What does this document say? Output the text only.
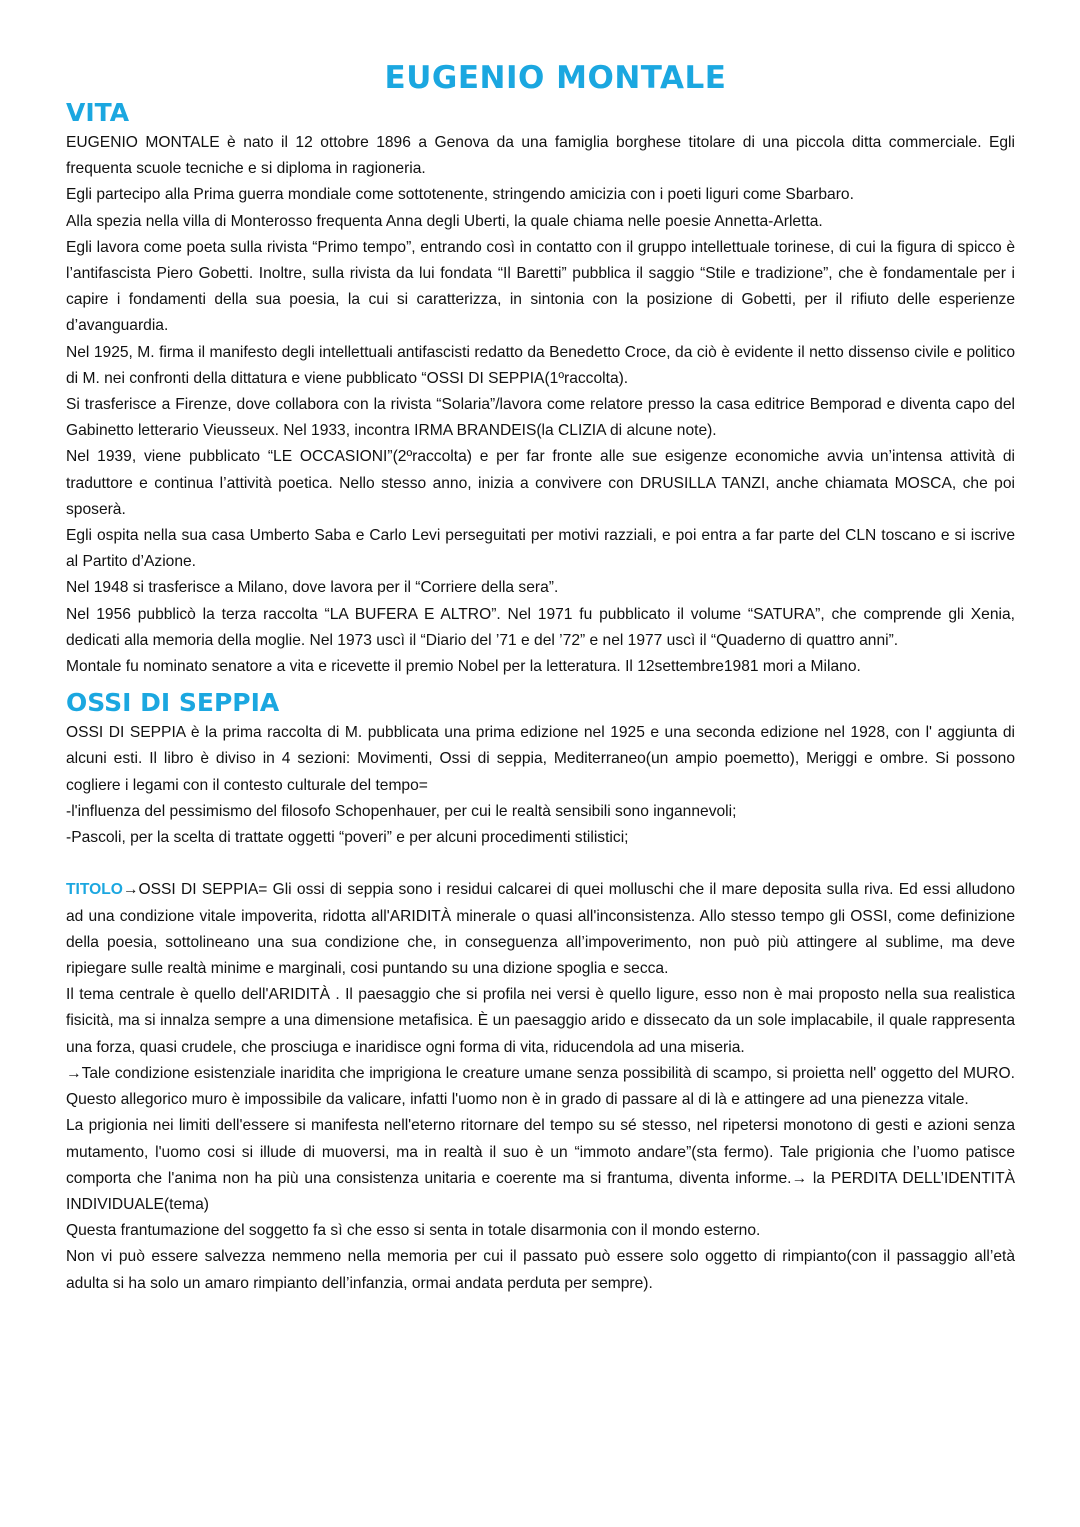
EUGENIO MONTALE
VITA

EUGENIO MONTALE è nato il 12 ottobre 1896 a Genova da una famiglia borghese titolare di una piccola ditta commerciale. Egli frequenta scuole tecniche e si diploma in ragioneria.

Egli partecipo alla Prima guerra mondiale come sottotenente, stringendo amicizia con i poeti liguri come Sbarbaro.

Alla spezia nella villa di Monterosso frequenta Anna degli Uberti, la quale chiama nelle poesie Annetta-Arletta.

Egli lavora come poeta sulla rivista “Primo tempo”, entrando così in contatto con il gruppo intellettuale torinese, di cui la figura di spicco è l’antifascista Piero Gobetti. Inoltre, sulla rivista da lui fondata “Il Baretti” pubblica il saggio “Stile e tradizione”, che è fondamentale per i capire i fondamenti della sua poesia, la cui si caratterizza, in sintonia con la posizione di Gobetti, per il rifiuto delle esperienze d’avanguardia.

Nel 1925, M. firma il manifesto degli intellettuali antifascisti redatto da Benedetto Croce, da ciò è evidente il netto dissenso civile e politico di M. nei confronti della dittatura e viene pubblicato “OSSI DI SEPPIA(1ºraccolta).

Si trasferisce a Firenze, dove collabora con la rivista “Solaria”/lavora come relatore presso la casa editrice Bemporad e diventa capo del Gabinetto letterario Vieusseux. Nel 1933, incontra IRMA BRANDEIS(la CLIZIA di alcune note).

Nel 1939, viene pubblicato “LE OCCASIONI”(2ºraccolta) e per far fronte alle sue esigenze economiche avvia un’intensa attività di traduttore e continua l’attività poetica. Nello stesso anno, inizia a convivere con DRUSILLA TANZI, anche chiamata MOSCA, che poi sposerà.

Egli ospita nella sua casa Umberto Saba e Carlo Levi perseguitati per motivi razziali, e poi entra a far parte del CLN toscano e si iscrive al Partito d’Azione.

Nel 1948 si trasferisce a Milano, dove lavora per il “Corriere della sera”.

Nel 1956 pubblicò la terza raccolta “LA BUFERA E ALTRO”. Nel 1971 fu pubblicato il volume “SATURA”, che comprende gli Xenia, dedicati alla memoria della moglie. Nel 1973 uscì il “Diario del ’71 e del ’72” e nel 1977 uscì il “Quaderno di quattro anni”.

Montale fu nominato senatore a vita e ricevette il premio Nobel per la letteratura. Il 12settembre1981 mori a Milano.

OSSI DI SEPPIA

OSSI DI SEPPIA è la prima raccolta di M. pubblicata una prima edizione nel 1925 e una seconda edizione nel 1928, con l' aggiunta di alcuni esti. Il libro è diviso in 4 sezioni: Movimenti, Ossi di seppia, Mediterraneo(un ampio poemetto), Meriggi e ombre. Si possono cogliere i legami con il contesto culturale del tempo=

-l'influenza del pessimismo del filosofo Schopenhauer, per cui le realtà sensibili sono ingannevoli;

-Pascoli, per la scelta di trattate oggetti “poveri” e per alcuni procedimenti stilistici;

TITOLO→OSSI DI SEPPIA= Gli ossi di seppia sono i residui calcarei di quei molluschi che il mare deposita sulla riva. Ed essi alludono ad una condizione vitale impoverita, ridotta all'ARIDITÀ minerale o quasi all'inconsistenza. Allo stesso tempo gli OSSI, come definizione della poesia, sottolineano una sua condizione che, in conseguenza all’impoverimento, non può più attingere al sublime, ma deve ripiegare sulle realtà minime e marginali, cosi puntando su una dizione spoglia e secca.

Il tema centrale è quello dell'ARIDITÀ . Il paesaggio che si profila nei versi è quello ligure, esso non è mai proposto nella sua realistica fisicità, ma si innalza sempre a una dimensione metafisica. È un paesaggio arido e dissecato da un sole implacabile, il quale rappresenta una forza, quasi crudele, che prosciuga e inaridisce ogni forma di vita, riducendola ad una miseria.

→Tale condizione esistenziale inaridita che imprigiona le creature umane senza possibilità di scampo, si proietta nell' oggetto del MURO. Questo allegorico muro è impossibile da valicare, infatti l'uomo non è in grado di passare al di là e attingere ad una pienezza vitale.

La prigionia nei limiti dell'essere si manifesta nell'eterno ritornare del tempo su sé stesso, nel ripetersi monotono di gesti e azioni senza mutamento, l'uomo cosi si illude di muoversi, ma in realtà il suo è un “immoto andare”(sta fermo). Tale prigionia che l’uomo patisce comporta che l'anima non ha più una consistenza unitaria e coerente ma si frantuma, diventa informe.→ la PERDITA DELL’IDENTITÀ INDIVIDUALE(tema)

Questa frantumazione del soggetto fa sì che esso si senta in totale disarmonia con il mondo esterno.

Non vi può essere salvezza nemmeno nella memoria per cui il passato può essere solo oggetto di rimpianto(con il passaggio all’età adulta si ha solo un amaro rimpianto dell’infanzia, ormai andata perduta per sempre).
